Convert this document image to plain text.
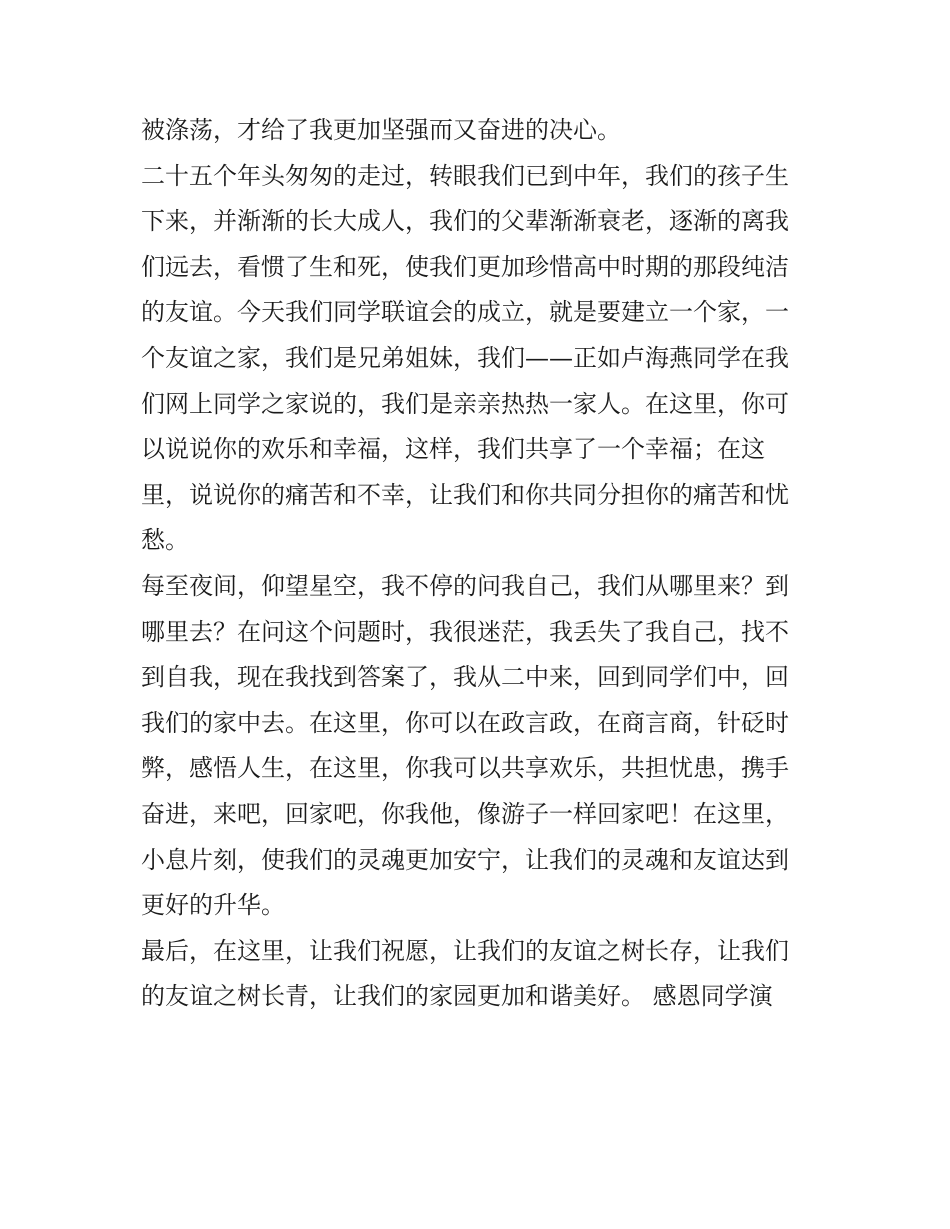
被涤荡，才给了我更加坚强而又奋进的决心。
二十五个年头匆匆的走过，转眼我们已到中年，我们的孩子生
下来，并渐渐的长大成人，我们的父辈渐渐衰老，逐渐的离我
们远去，看惯了生和死，使我们更加珍惜高中时期的那段纯洁
的友谊。今天我们同学联谊会的成立，就是要建立一个家，一
个友谊之家，我们是兄弟姐妹，我们——正如卢海燕同学在我
们网上同学之家说的，我们是亲亲热热一家人。在这里，你可
以说说你的欢乐和幸福，这样，我们共享了一个幸福；在这
里，说说你的痛苦和不幸，让我们和你共同分担你的痛苦和忧
愁。
每至夜间，仰望星空，我不停的问我自己，我们从哪里来？到
哪里去？在问这个问题时，我很迷茫，我丢失了我自己，找不
到自我，现在我找到答案了，我从二中来，回到同学们中，回
我们的家中去。在这里，你可以在政言政，在商言商，针砭时
弊，感悟人生，在这里，你我可以共享欢乐，共担忧患，携手
奋进，来吧，回家吧，你我他，像游子一样回家吧！在这里，
小息片刻，使我们的灵魂更加安宁，让我们的灵魂和友谊达到
更好的升华。
最后，在这里，让我们祝愿，让我们的友谊之树长存，让我们
的友谊之树长青，让我们的家园更加和谐美好。 感恩同学演
